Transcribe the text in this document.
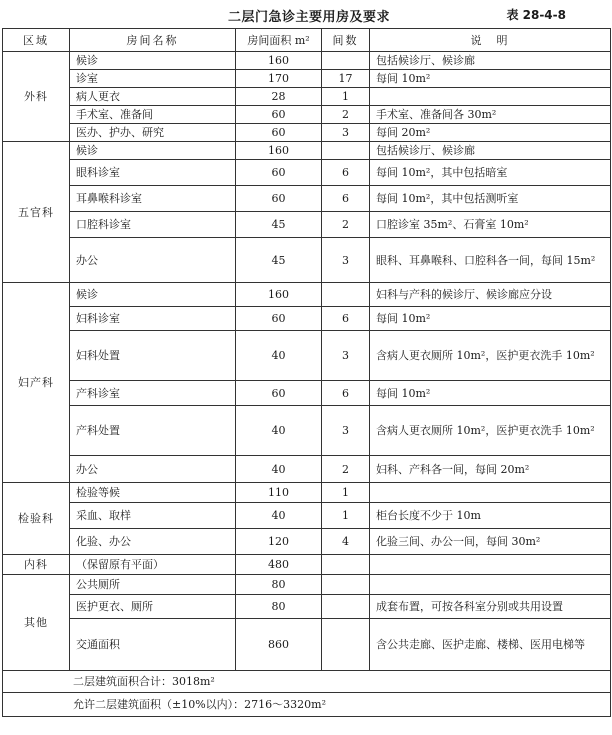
二层门急诊主要用房及要求	表 28-4-8
区域	房间名称	房间面积 m²	间数	说　明
外科	候诊	160		包括候诊厅、候诊廊
	诊室	170	17	每间 10m²
	病人更衣	28	1	
	手术室、准备间	60	2	手术室、准备间各 30m²
	医办、护办、研究	60	3	每间 20m²
五官科	候诊	160		包括候诊厅、候诊廊
	眼科诊室	60	6	每间 10m²，其中包括暗室
	耳鼻喉科诊室	60	6	每间 10m²，其中包括测听室
	口腔科诊室	45	2	口腔诊室 35m²、石膏室 10m²
	办公	45	3	眼科、耳鼻喉科、口腔科各一间，每间 15m²
妇产科	候诊	160		妇科与产科的候诊厅、候诊廊应分设
	妇科诊室	60	6	每间 10m²
	妇科处置	40	3	含病人更衣厕所 10m²，医护更衣洗手 10m²
	产科诊室	60	6	每间 10m²
	产科处置	40	3	含病人更衣厕所 10m²，医护更衣洗手 10m²
	办公	40	2	妇科、产科各一间，每间 20m²
检验科	检验等候	110	1	
	采血、取样	40	1	柜台长度不少于 10m
	化验、办公	120	4	化验三间、办公一间，每间 30m²
内科	（保留原有平面）	480		
其他	公共厕所	80		
	医护更衣、厕所	80		成套布置，可按各科室分别或共用设置
	交通面积	860		含公共走廊、医护走廊、楼梯、医用电梯等
二层建筑面积合计：3018m²				
允许二层建筑面积（±10%以内）：2716～3320m²				
